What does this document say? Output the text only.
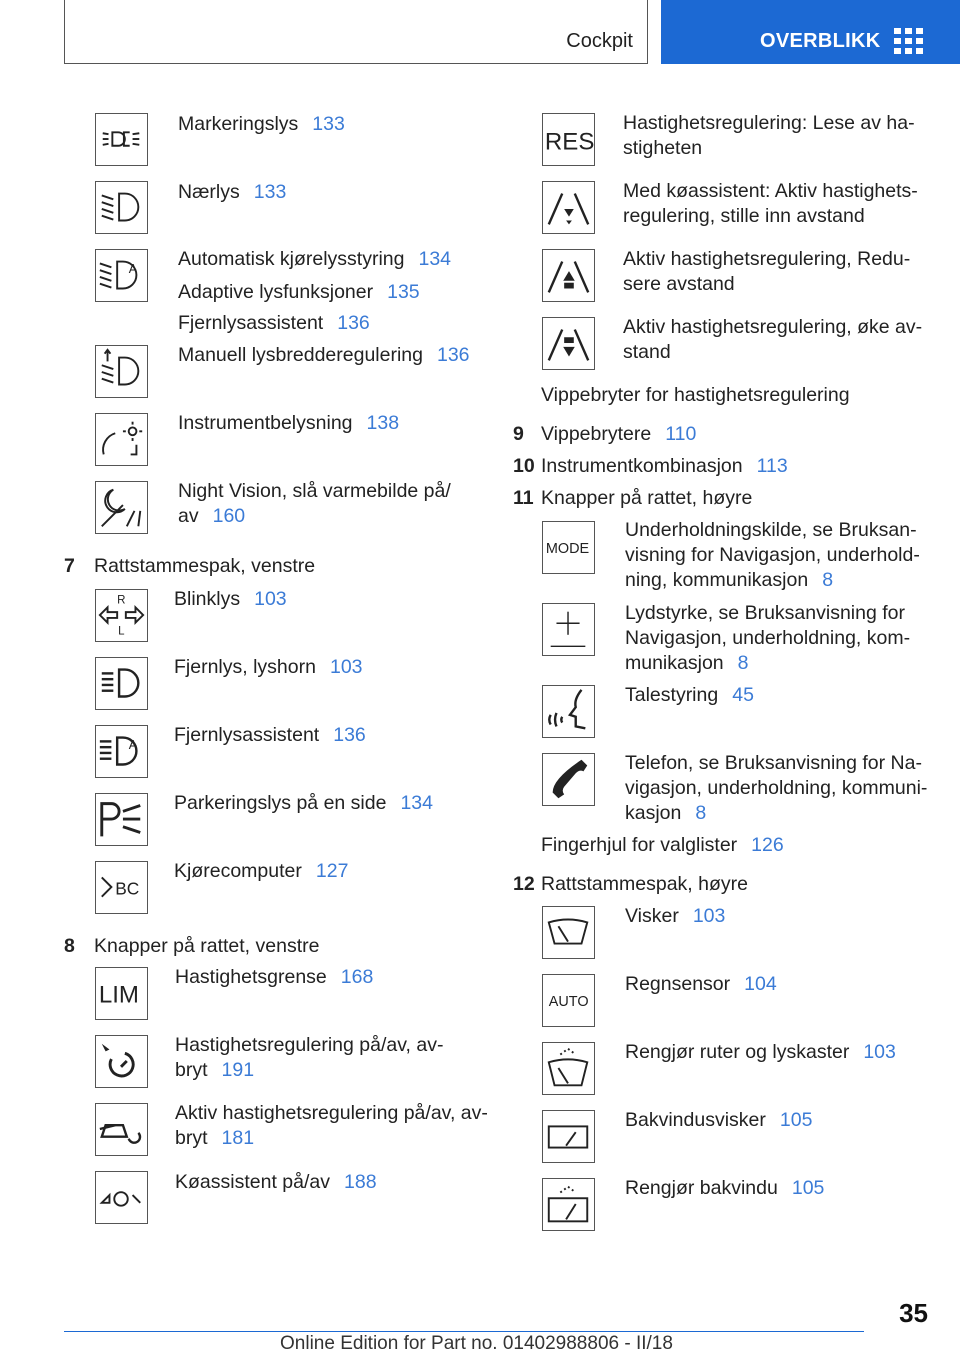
Cockpit	OVERBLIKK
Markeringslys 133
Nærlys 133
A Automatisk kjørelysstyring 134
Adaptive lysfunksjoner 135
Fjernlysassistent 136
Manuell lysbredderegulering 136
Instrumentbelysning 138
Night Vision, slå varmebilde på/
av 160
7 Rattstammespak, venstre
R
L
Blinklys 103
Fjernlys, lyshorn 103
A Fjernlysassistent 136
Parkeringslys på en side 134
BC
Kjørecomputer 127
8 Knapper på rattet, venstre
LIM
Hastighetsgrense 168
Hastighetsregulering på/av, av-
bryt 191
Aktiv hastighetsregulering på/av, av-
bryt 181
Køassistent på/av 188
RES
Hastighetsregulering: Lese av ha-
stigheten
Med køassistent: Aktiv hastighets-
regulering, stille inn avstand
Aktiv hastighetsregulering, Redu-
sere avstand
Aktiv hastighetsregulering, øke av-
stand
Vippebryter for hastighetsregulering
9 Vippebrytere 110
10 Instrumentkombinasjon 113
11 Knapper på rattet, høyre
MODE
Underholdningskilde, se Bruksan-
visning for Navigasjon, underhold-
ning, kommunikasjon 8
Lydstyrke, se Bruksanvisning for
Navigasjon, underholdning, kom-
munikasjon 8
Talestyring 45
Telefon, se Bruksanvisning for Na-
vigasjon, underholdning, kommuni-
kasjon 8
Fingerhjul for valglister 126
12 Rattstammespak, høyre
Visker 103
AUTO
Regnsensor 104
Rengjør ruter og lyskaster 103
Bakvindusvisker 105
Rengjør bakvindu 105
35
Online Edition for Part no. 01402988806 - II/18
